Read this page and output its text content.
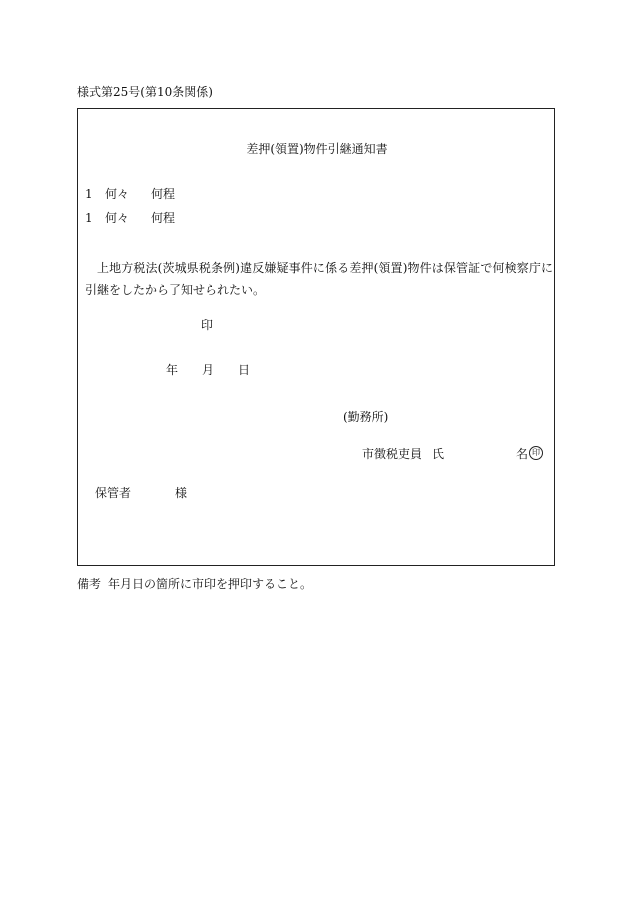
様式第25号(第10条関係)
差押(領置)物件引継通知書
1 何々 何程
1 何々 何程
上地方税法(茨城県税条例)違反嫌疑事件に係る差押(領置)物件は保管証で何検察庁に引継をしたから了知せられたい。
印
年 月 日
(勤務所)
市徴税吏員 氏	名 印
保管者	様
備考 年月日の箇所に市印を押印すること。
